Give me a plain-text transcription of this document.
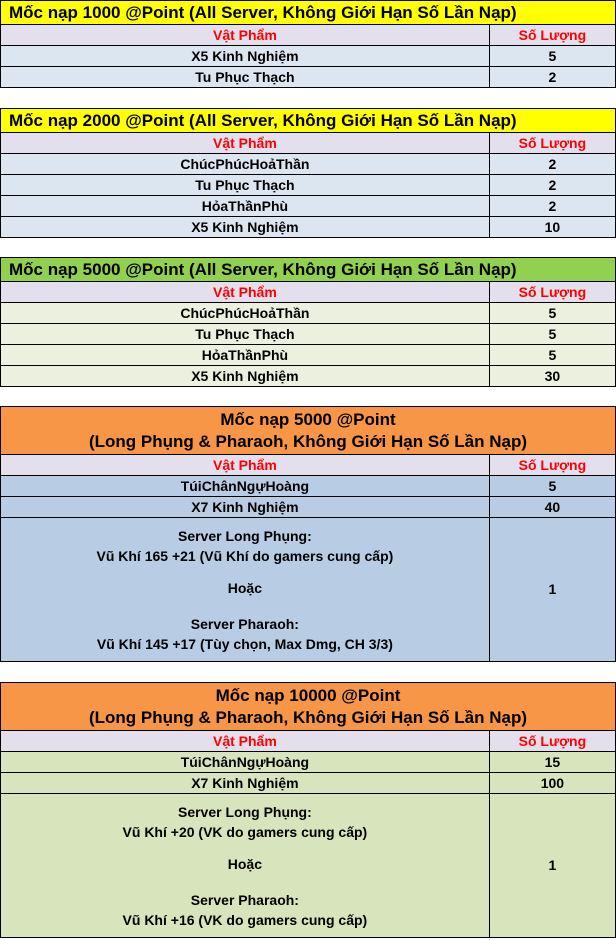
Mốc nạp 1000 @Point (All Server, Không Giới Hạn Số Lần Nạp)	
Vật Phẩm	Số Lượng
X5 Kinh Nghiệm	5
Tu Phục Thạch	2
Mốc nạp 2000 @Point (All Server, Không Giới Hạn Số Lần Nạp)	
Vật Phẩm	Số Lượng
ChúcPhúcHoảThần	2
Tu Phục Thạch	2
HỏaThầnPhù	2
X5 Kinh Nghiệm	10
Mốc nạp 5000 @Point (All Server, Không Giới Hạn Số Lần Nạp)	
Vật Phẩm	Số Lượng
ChúcPhúcHoảThần	5
Tu Phục Thạch	5
HỏaThầnPhù	5
X5 Kinh Nghiệm	30
Mốc nạp 5000 @Point
(Long Phụng & Pharaoh, Không Giới Hạn Số Lần Nạp)	

Vật Phẩm	Số Lượng
TúiChânNgựHoàng	5
X7 Kinh Nghiệm	40

Server Long Phụng:
Vũ Khí 165 +21 (Vũ Khí do gamers cung cấp)
Hoặc
Server Pharaoh:
Vũ Khí 145 +17 (Tùy chọn, Max Dmg, CH 3/3)	1
Mốc nạp 10000 @Point
(Long Phụng & Pharaoh, Không Giới Hạn Số Lần Nạp)	

Vật Phẩm	Số Lượng
TúiChânNgựHoàng	15
X7 Kinh Nghiệm	100

Server Long Phụng:
Vũ Khí +20 (VK do gamers cung cấp)
Hoặc
Server Pharaoh:
Vũ Khí +16 (VK do gamers cung cấp)	1
